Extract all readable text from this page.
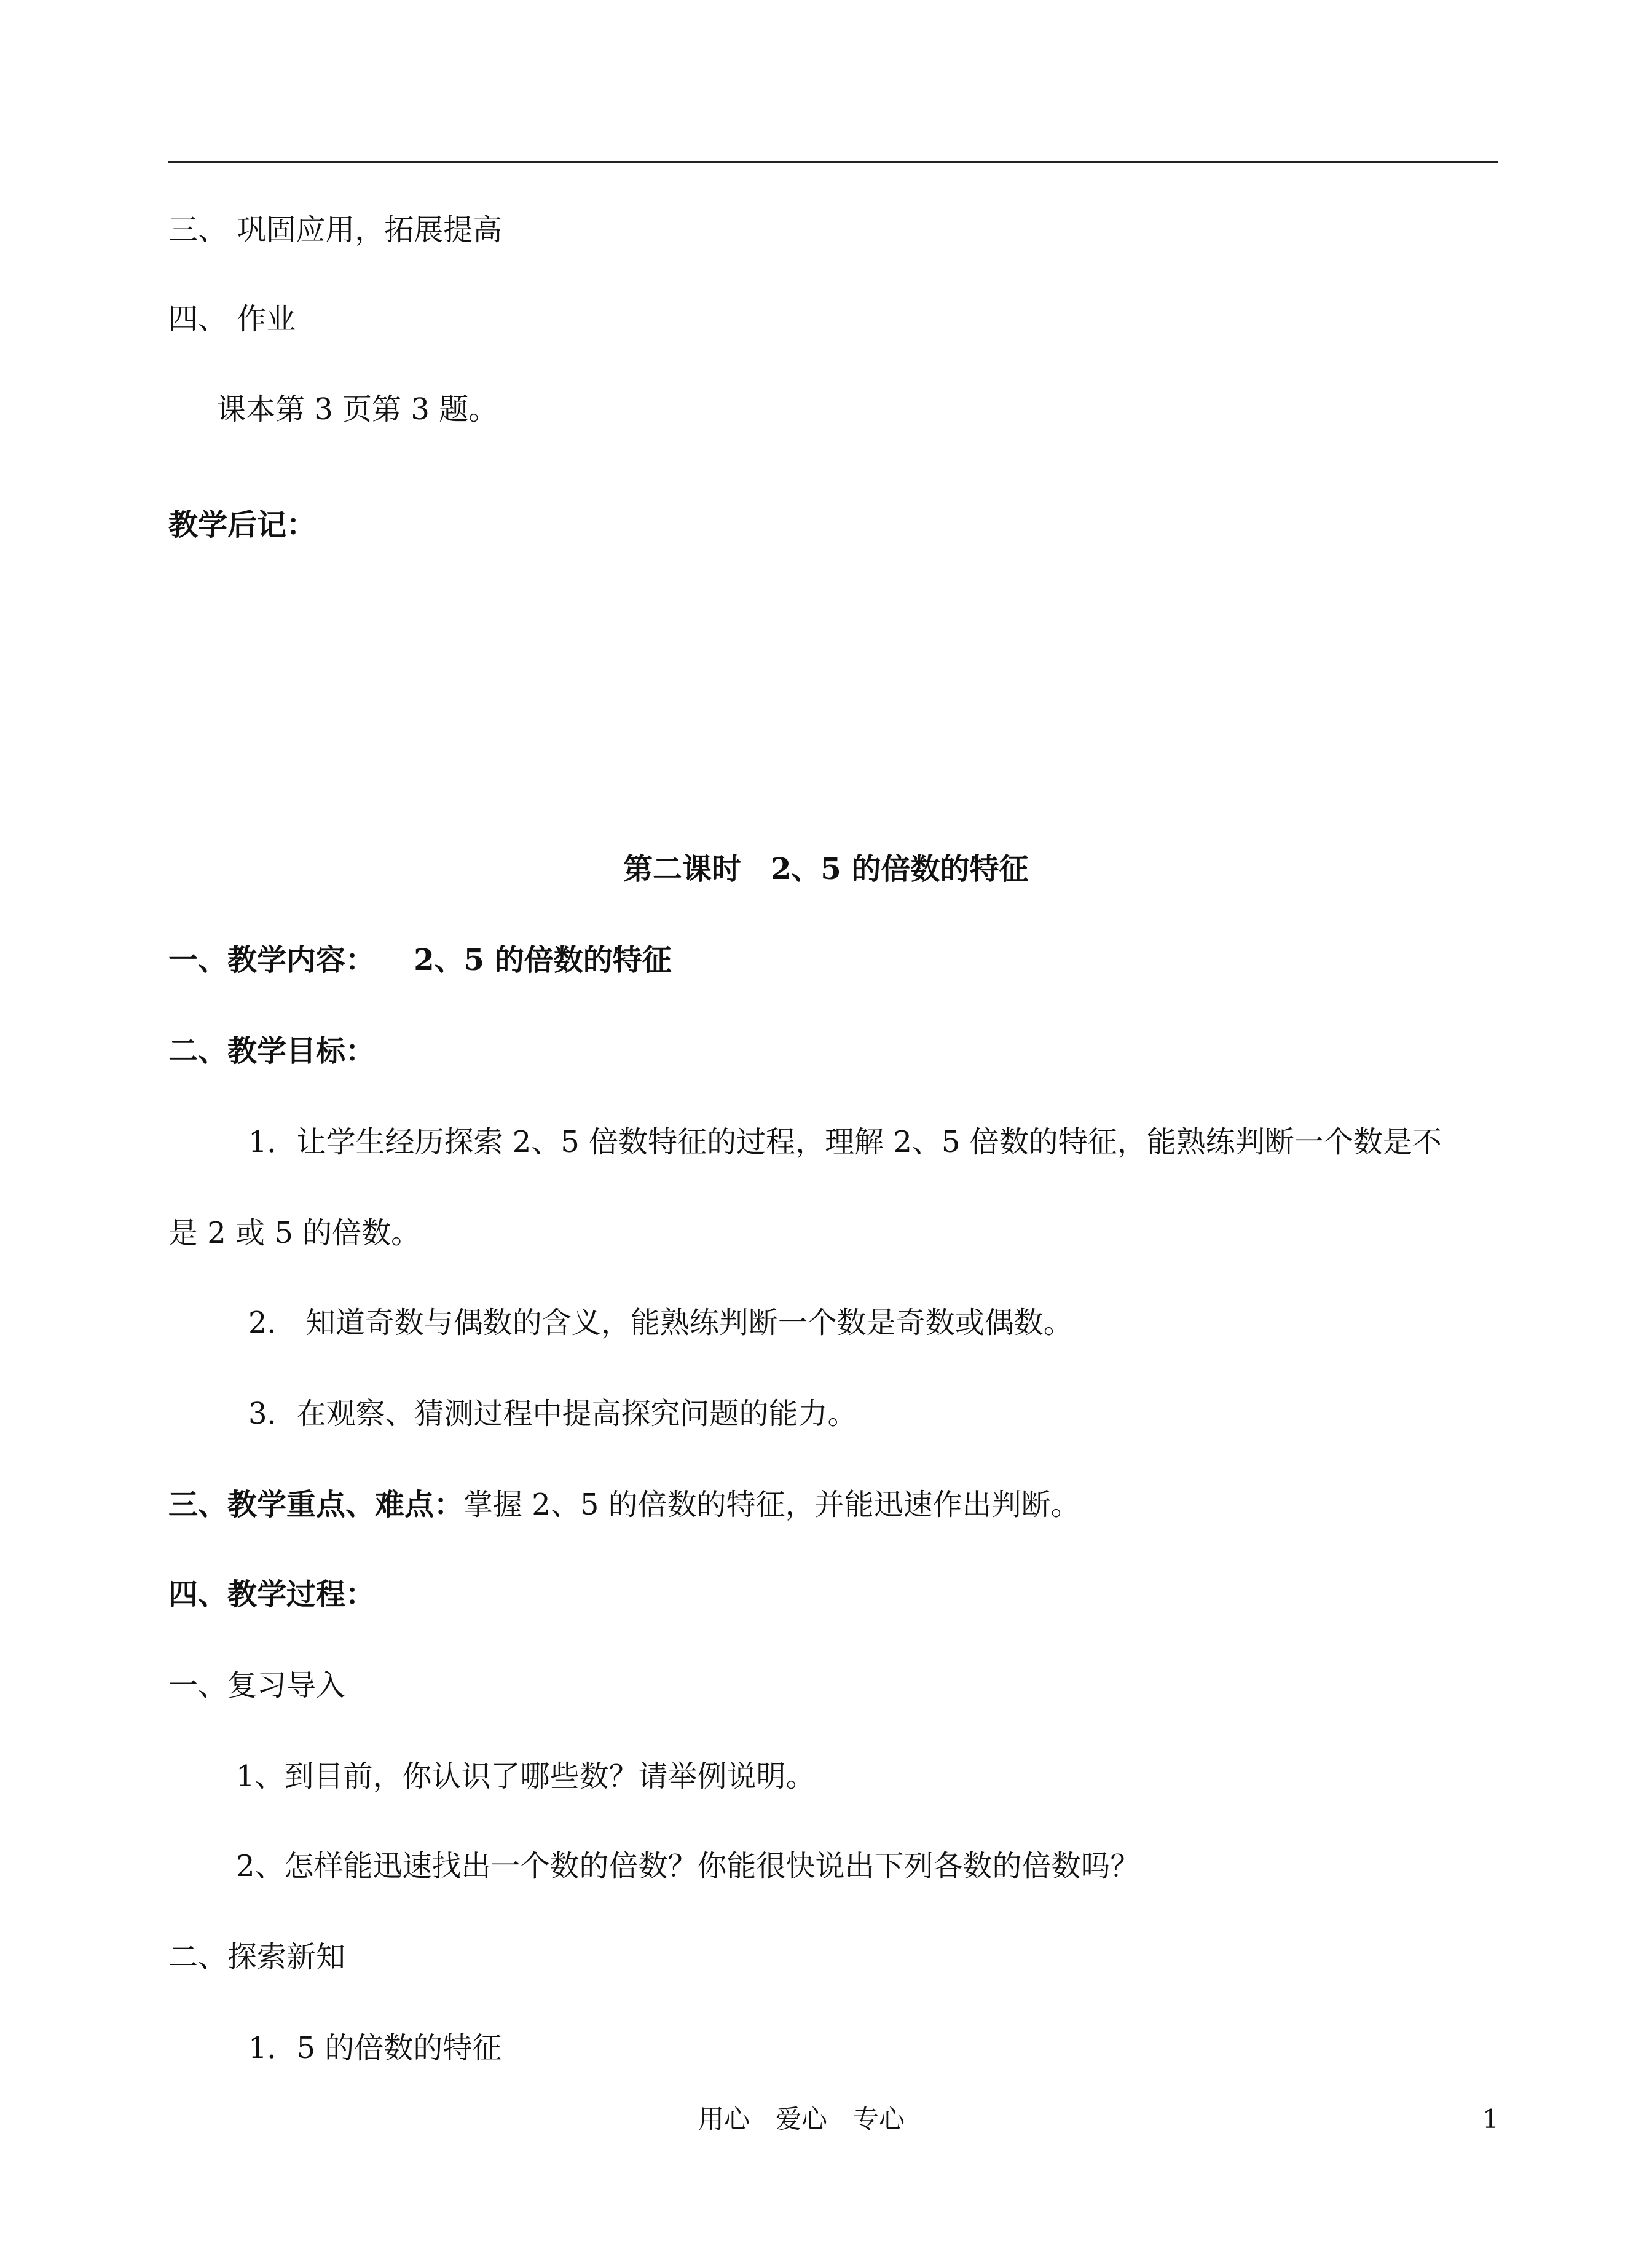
三、 巩固应用，拓展提高
四、 作业
课本第 3 页第 3 题。
教学后记：
第二课时　2、5 的倍数的特征
一、教学内容： 2、5 的倍数的特征
二、教学目标：
1．让学生经历探索 2、5 倍数特征的过程，理解 2、5 倍数的特征，能熟练判断一个数是不
是 2 或 5 的倍数。
2． 知道奇数与偶数的含义，能熟练判断一个数是奇数或偶数。
3．在观察、猜测过程中提高探究问题的能力。
三、教学重点、难点：掌握 2、5 的倍数的特征，并能迅速作出判断。
四、教学过程：
一、复习导入
1、到目前，你认识了哪些数？请举例说明。
2、怎样能迅速找出一个数的倍数？你能很快说出下列各数的倍数吗？
二、探索新知
1．5 的倍数的特征
用心　爱心　专心	1
